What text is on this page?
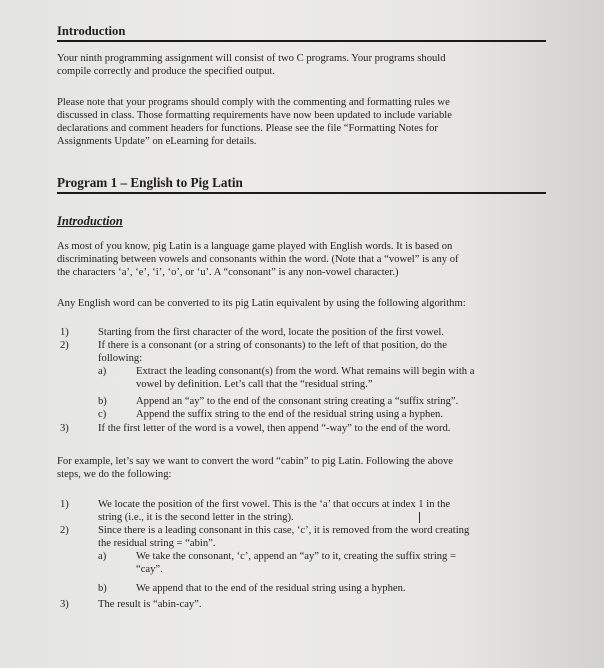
Introduction
Your ninth programming assignment will consist of two C programs. Your programs should
compile correctly and produce the specified output.
Please note that your programs should comply with the commenting and formatting rules we
discussed in class. Those formatting requirements have now been updated to include variable
declarations and comment headers for functions. Please see the file “Formatting Notes for
Assignments Update” on eLearning for details.
Program 1 – English to Pig Latin
Introduction
As most of you know, pig Latin is a language game played with English words. It is based on
discriminating between vowels and consonants within the word. (Note that a “vowel” is any of
the characters ‘a’, ‘e’, ‘i’, ‘o’, or ‘u’. A “consonant” is any non-vowel character.)
Any English word can be converted to its pig Latin equivalent by using the following algorithm:
1)	Starting from the first character of the word, locate the position of the first vowel.
2)	If there is a consonant (or a string of consonants) to the left of that position, do the
following:
a)	Extract the leading consonant(s) from the word. What remains will begin with a
vowel by definition. Let’s call that the “residual string.”
b)	Append an “ay” to the end of the consonant string creating a “suffix string”.
c)	Append the suffix string to the end of the residual string using a hyphen.
3)	If the first letter of the word is a vowel, then append “-way” to the end of the word.
For example, let’s say we want to convert the word “cabin” to pig Latin. Following the above
steps, we do the following:
1)	We locate the position of the first vowel. This is the ‘a’ that occurs at index 1 in the
string (i.e., it is the second letter in the string).
2)	Since there is a leading consonant in this case, ‘c’, it is removed from the word creating
the residual string = “abin”.
a)	We take the consonant, ‘c’, append an “ay” to it, creating the suffix string =
“cay”.
b)	We append that to the end of the residual string using a hyphen.
3)	The result is “abin-cay”.
